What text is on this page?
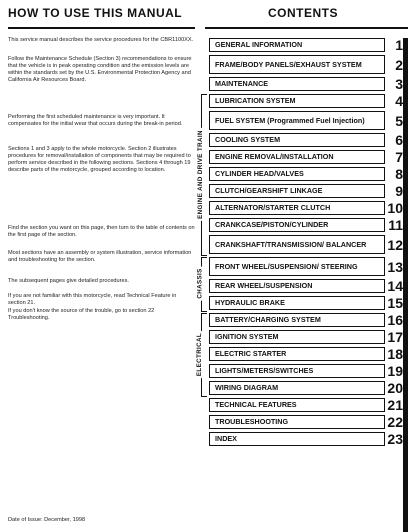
HOW TO USE THIS MANUAL

This service manual describes the service procedures for the CBR1100XX.

Follow the Maintenance Schedule (Section 3) recommendations to ensure that the vehicle is in peak operating condition and the emission levels are within the standards set by the U.S. Environmental Protection Agency and California Air Resources Board.

Performing the first scheduled maintenance is very important. It compensates for the initial wear that occurs during the break-in period.

Sections 1 and 3 apply to the whole motorcycle. Section 2 illustrates procedures for removal/installation of components that may be required to perform service described in the following sections. Sections 4 through 19 describe parts of the motorcycle, grouped according to location.

Find the section you want on this page, then turn to the table of contents on the first page of the section.

Most sections have an assembly or system illustration, service information and troubleshooting for the section.

The subsequent pages give detailed procedures.

If you are not familiar with this motorcycle, read Technical Feature in section 21.

If you don't know the source of the trouble, go to section 22 Troubleshooting.

Date of Issue: December, 1998

CONTENTS
GENERAL INFORMATION	1
FRAME/BODY PANELS/EXHAUST SYSTEM	2
MAINTENANCE	3
LUBRICATION SYSTEM	4
FUEL SYSTEM (Programmed Fuel Injection)	5
COOLING SYSTEM	6
ENGINE REMOVAL/INSTALLATION	7
CYLINDER HEAD/VALVES	8
CLUTCH/GEARSHIFT LINKAGE	9
ALTERNATOR/STARTER CLUTCH	10
CRANKCASE/PISTON/CYLINDER	11
CRANKSHAFT/TRANSMISSION/ BALANCER	12
FRONT WHEEL/SUSPENSION/ STEERING	13
REAR WHEEL/SUSPENSION	14
HYDRAULIC BRAKE	15
BATTERY/CHARGING SYSTEM	16
IGNITION SYSTEM	17
ELECTRIC STARTER	18
LIGHTS/METERS/SWITCHES	19
WIRING DIAGRAM	20
TECHNICAL FEATURES	21
TROUBLESHOOTING	22
INDEX	23
ENGINE AND DRIVE TRAIN
CHASSIS
ELECTRICAL
